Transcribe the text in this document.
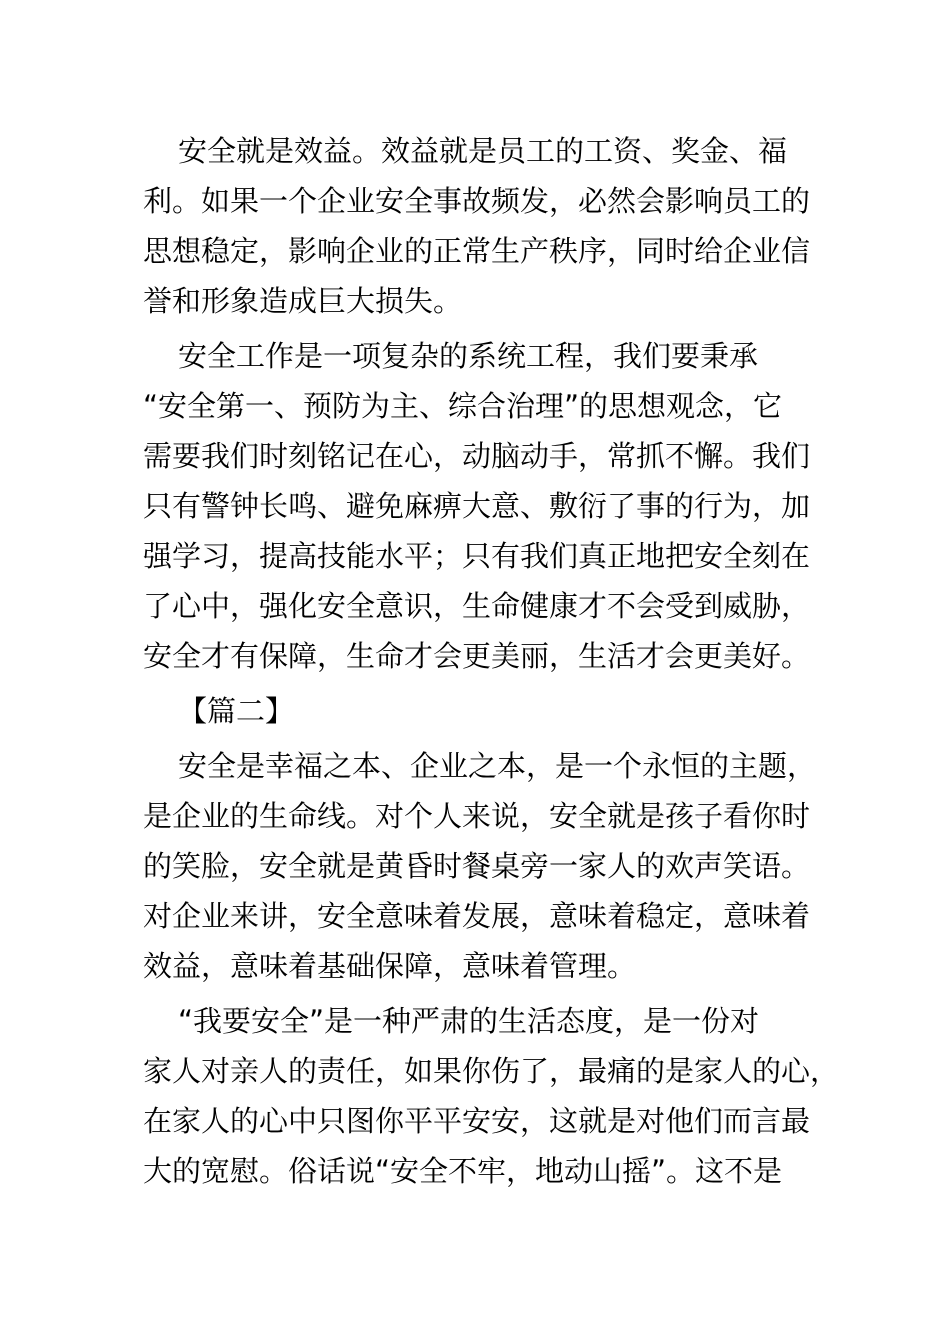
安全就是效益。效益就是员工的工资、奖金、福
利。如果一个企业安全事故频发，必然会影响员工的
思想稳定，影响企业的正常生产秩序，同时给企业信
誉和形象造成巨大损失。
安全工作是一项复杂的系统工程，我们要秉承
“安全第一、预防为主、综合治理”的思想观念，它
需要我们时刻铭记在心，动脑动手，常抓不懈。我们
只有警钟长鸣、避免麻痹大意、敷衍了事的行为，加
强学习，提高技能水平；只有我们真正地把安全刻在
了心中，强化安全意识，生命健康才不会受到威胁，
安全才有保障，生命才会更美丽，生活才会更美好。
【篇二】
安全是幸福之本、企业之本，是一个永恒的主题，
是企业的生命线。对个人来说，安全就是孩子看你时
的笑脸，安全就是黄昏时餐桌旁一家人的欢声笑语。
对企业来讲，安全意味着发展，意味着稳定，意味着
效益，意味着基础保障，意味着管理。
“我要安全”是一种严肃的生活态度，是一份对
家人对亲人的责任，如果你伤了，最痛的是家人的心，
在家人的心中只图你平平安安，这就是对他们而言最
大的宽慰。俗话说“安全不牢，地动山摇”。这不是
